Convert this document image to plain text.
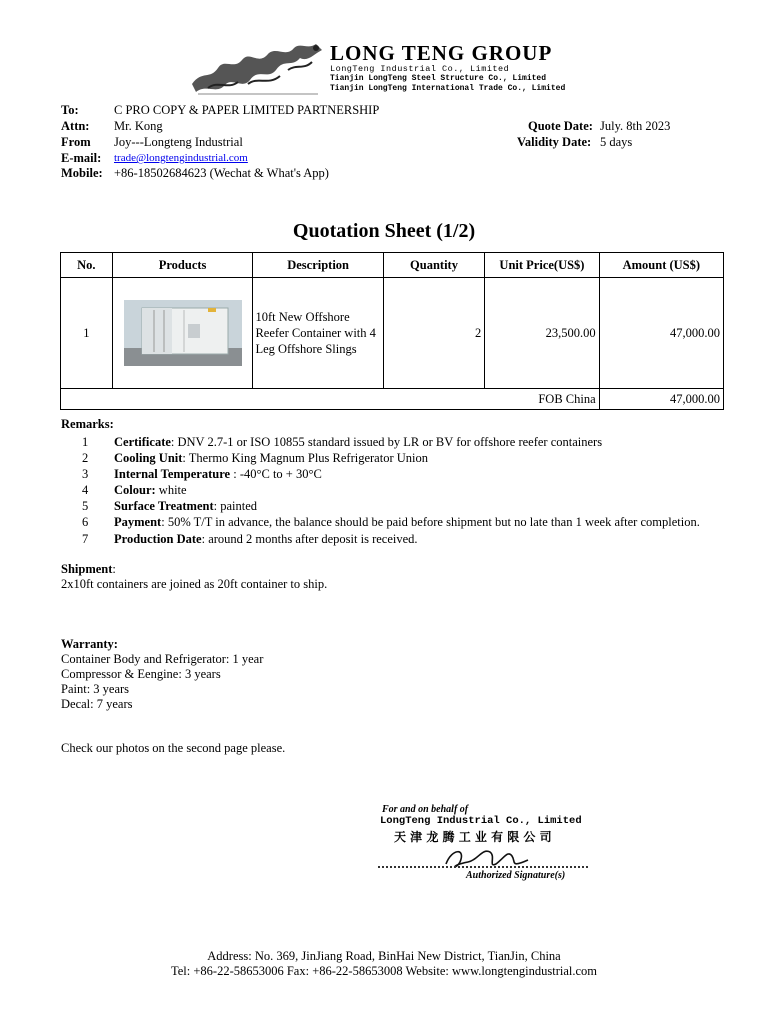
LONG TENG GROUP
LongTeng Industrial Co., Limited
Tianjin LongTeng Steel Structure Co., Limited
Tianjin LongTeng International Trade Co., Limited
To:	C PRO COPY & PAPER LIMITED PARTNERSHIP
Attn: Mr. Kong
From Joy---Longteng Industrial
E-mail: trade@longtengindustrial.com
Mobile: +86-18502684623 (Wechat & What's App)
Quote Date: July. 8th 2023
Validity Date: 5 days
Quotation Sheet (1/2)
No.	Products	Description	Quantity	Unit Price(US$)	Amount (US$)
1		10ft New Offshore Reefer Container with 4 Leg Offshore Slings	2	23,500.00	47,000.00
FOB China					47,000.00
Remarks:
1 Certificate: DNV 2.7-1 or ISO 10855 standard issued by LR or BV for offshore reefer containers
2 Cooling Unit: Thermo King Magnum Plus Refrigerator Union
3 Internal Temperature : -40°C to + 30°C
4 Colour: white
5 Surface Treatment: painted
6 Payment: 50% T/T in advance, the balance should be paid before shipment but no late than 1 week after completion.
7 Production Date: around 2 months after deposit is received.
Shipment:
2x10ft containers are joined as 20ft container to ship.
Warranty:
Container Body and Refrigerator: 1 year
Compressor & Eengine: 3 years
Paint: 3 years
Decal: 7 years
Check our photos on the second page please.
For and on behalf of
LongTeng Industrial Co., Limited
天 津 龙 腾 工 业 有 限 公 司
Authorized Signature(s)
Address: No. 369, JinJiang Road, BinHai New District, TianJin, China
Tel: +86-22-58653006 Fax: +86-22-58653008 Website: www.longtengindustrial.com
